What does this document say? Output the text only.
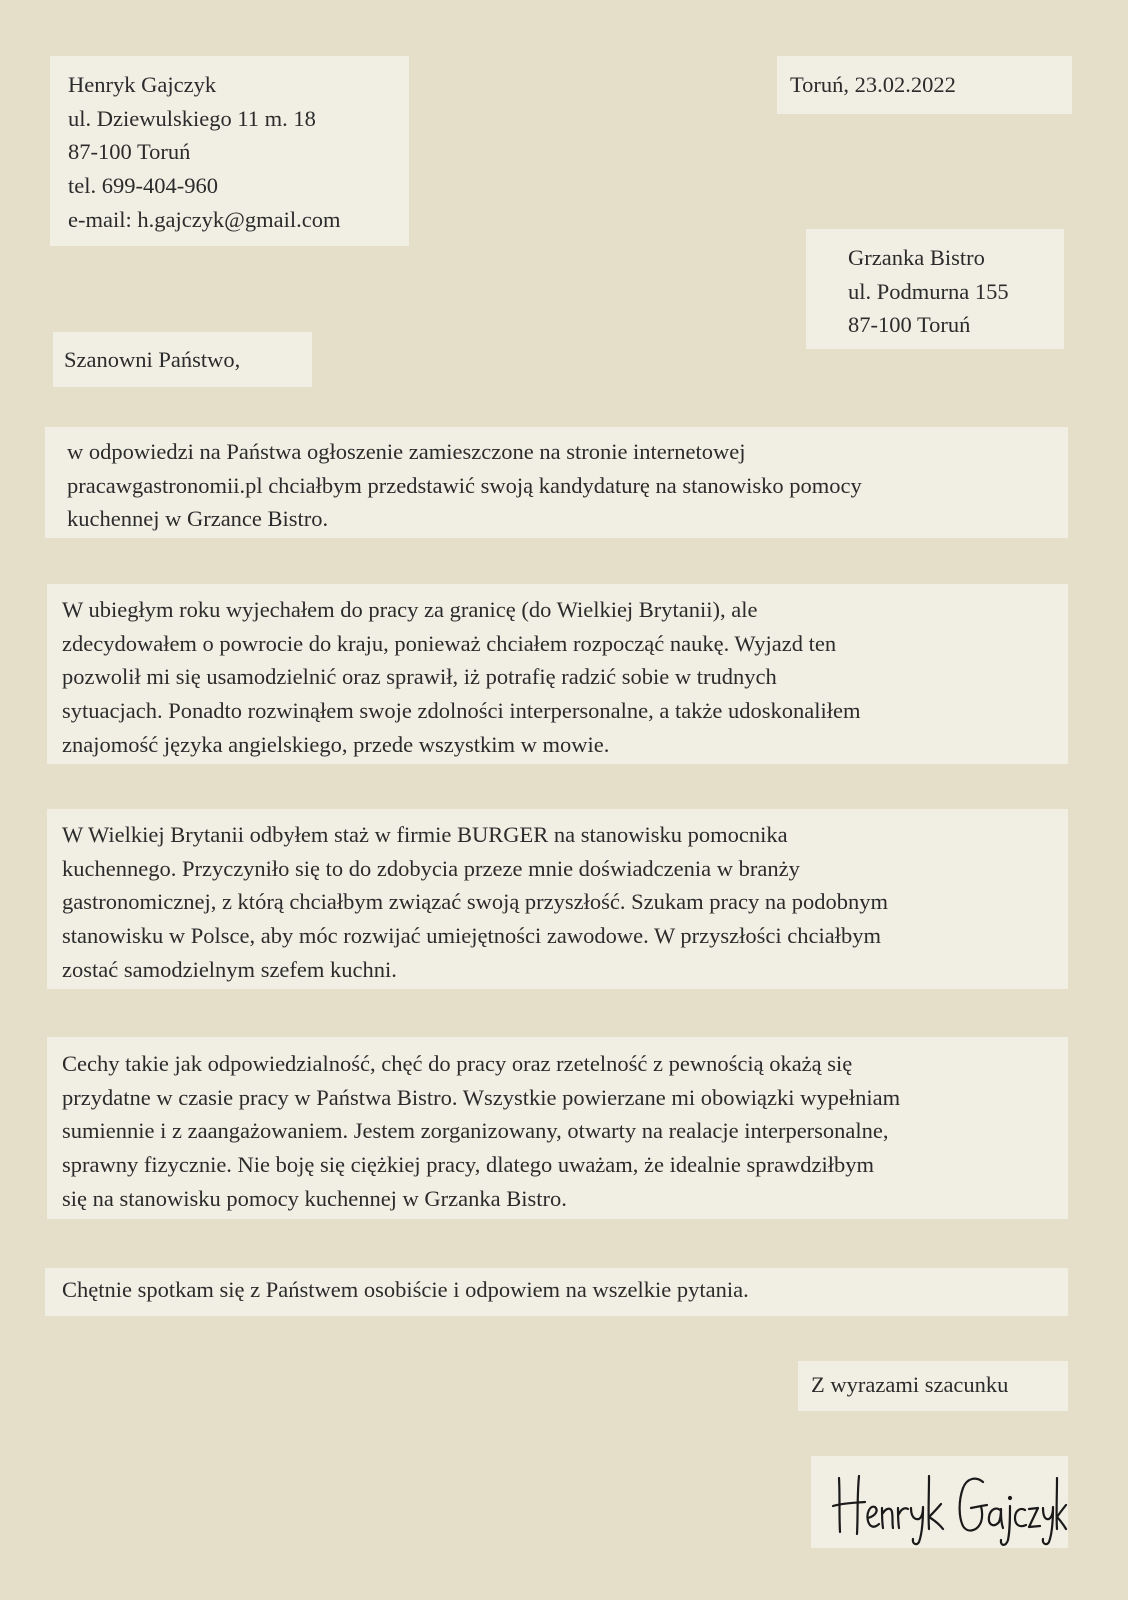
Henryk Gajczyk
ul. Dziewulskiego 11 m. 18
87-100 Toruń
tel. 699-404-960
e-mail: h.gajczyk@gmail.com
Toruń, 23.02.2022
Grzanka Bistro
ul. Podmurna 155
87-100 Toruń
Szanowni Państwo,
w odpowiedzi na Państwa ogłoszenie zamieszczone na stronie internetowej
pracawgastronomii.pl chciałbym przedstawić swoją kandydaturę na stanowisko pomocy
kuchennej w Grzance Bistro.
W ubiegłym roku wyjechałem do pracy za granicę (do Wielkiej Brytanii), ale
zdecydowałem o powrocie do kraju, ponieważ chciałem rozpocząć naukę. Wyjazd ten
pozwolił mi się usamodzielnić oraz sprawił, iż potrafię radzić sobie w trudnych
sytuacjach. Ponadto rozwinąłem swoje zdolności interpersonalne, a także udoskonaliłem
znajomość języka angielskiego, przede wszystkim w mowie.
W Wielkiej Brytanii odbyłem staż w firmie BURGER na stanowisku pomocnika
kuchennego. Przyczyniło się to do zdobycia przeze mnie doświadczenia w branży
gastronomicznej, z którą chciałbym związać swoją przyszłość. Szukam pracy na podobnym
stanowisku w Polsce, aby móc rozwijać umiejętności zawodowe. W przyszłości chciałbym
zostać samodzielnym szefem kuchni.
Cechy takie jak odpowiedzialność, chęć do pracy oraz rzetelność z pewnością okażą się
przydatne w czasie pracy w Państwa Bistro. Wszystkie powierzane mi obowiązki wypełniam
sumiennie i z zaangażowaniem. Jestem zorganizowany, otwarty na realacje interpersonalne,
sprawny fizycznie. Nie boję się ciężkiej pracy, dlatego uważam, że idealnie sprawdziłbym
się na stanowisku pomocy kuchennej w Grzanka Bistro.
Chętnie spotkam się z Państwem osobiście i odpowiem na wszelkie pytania.
Z wyrazami szacunku
